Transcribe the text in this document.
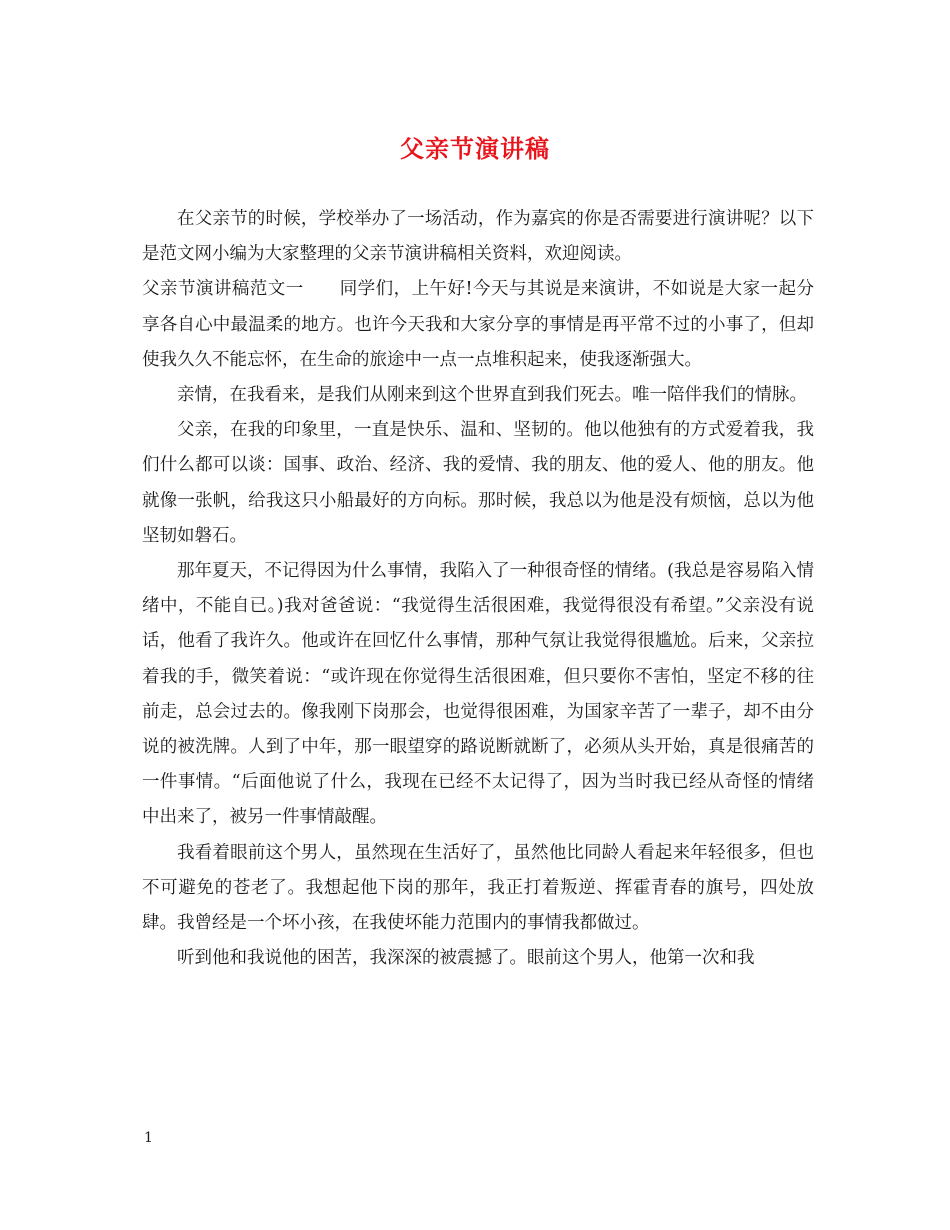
父亲节演讲稿

在父亲节的时候，学校举办了一场活动，作为嘉宾的你是否需要进行演讲呢？以下是范文网小编为大家整理的父亲节演讲稿相关资料，欢迎阅读。

父亲节演讲稿范文一　　同学们，上午好!今天与其说是来演讲，不如说是大家一起分享各自心中最温柔的地方。也许今天我和大家分享的事情是再平常不过的小事了，但却使我久久不能忘怀，在生命的旅途中一点一点堆积起来，使我逐渐强大。

亲情，在我看来，是我们从刚来到这个世界直到我们死去。唯一陪伴我们的情脉。

父亲，在我的印象里，一直是快乐、温和、坚韧的。他以他独有的方式爱着我，我们什么都可以谈：国事、政治、经济、我的爱情、我的朋友、他的爱人、他的朋友。他就像一张帆，给我这只小船最好的方向标。那时候，我总以为他是没有烦恼，总以为他坚韧如磐石。

那年夏天，不记得因为什么事情，我陷入了一种很奇怪的情绪。(我总是容易陷入情绪中，不能自已。)我对爸爸说：“我觉得生活很困难，我觉得很没有希望。”父亲没有说话，他看了我许久。他或许在回忆什么事情，那种气氛让我觉得很尴尬。后来，父亲拉着我的手，微笑着说：“或许现在你觉得生活很困难，但只要你不害怕，坚定不移的往前走，总会过去的。像我刚下岗那会，也觉得很困难，为国家辛苦了一辈子，却不由分说的被洗牌。人到了中年，那一眼望穿的路说断就断了，必须从头开始，真是很痛苦的一件事情。“后面他说了什么，我现在已经不太记得了，因为当时我已经从奇怪的情绪中出来了，被另一件事情敲醒。

我看着眼前这个男人，虽然现在生活好了，虽然他比同龄人看起来年轻很多，但也不可避免的苍老了。我想起他下岗的那年，我正打着叛逆、挥霍青春的旗号，四处放肆。我曾经是一个坏小孩，在我使坏能力范围内的事情我都做过。

听到他和我说他的困苦，我深深的被震撼了。眼前这个男人，他第一次和我

1
